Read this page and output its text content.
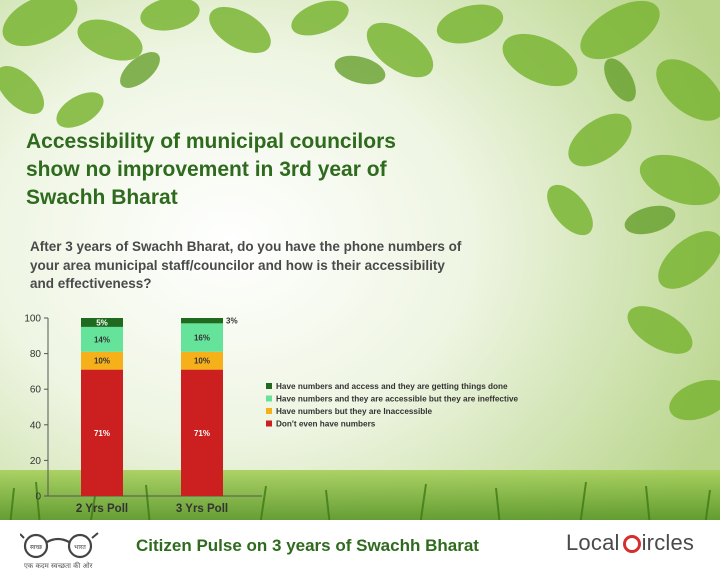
Accessibility of municipal councilors
show no improvement in 3rd year of
Swachh Bharat

After 3 years of Swachh Bharat, do you have the phone numbers of
your area municipal staff/councilor and how is their accessibility
and effectiveness?

0
20
40
60
80
100
71%
10%
14%
5%
2 Yrs Poll
71%
10%
16%
3%
3 Yrs Poll
Have numbers and access and they are getting things done
Have numbers and they are accessible but they are ineffective
Have numbers but they are Inaccessible
Don't even have numbers
स्वच्छ	भारत
एक कदम स्वच्छता की ओर
Citizen Pulse on 3 years of Swachh Bharat	Local ircles
